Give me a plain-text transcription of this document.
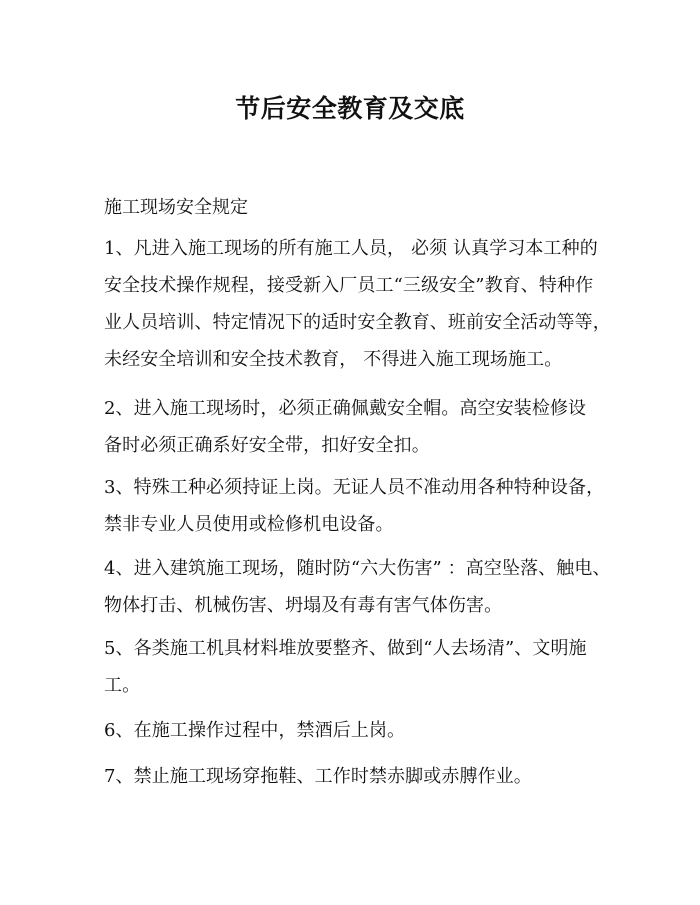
节后安全教育及交底
施工现场安全规定
1、凡进入施工现场的所有施工人员， 必须 认真学习本工种的
安全技术操作规程，接受新入厂员工“三级安全”教育、特种作
业人员培训、特定情况下的适时安全教育、班前安全活动等等，
未经安全培训和安全技术教育， 不得进入施工现场施工。
2、进入施工现场时，必须正确佩戴安全帽。高空安装检修设
备时必须正确系好安全带，扣好安全扣。
3、特殊工种必须持证上岗。无证人员不准动用各种特种设备，
禁非专业人员使用或检修机电设备。
4、进入建筑施工现场，随时防“六大伤害” ：高空坠落、触电、
物体打击、机械伤害、坍塌及有毒有害气体伤害。
5、各类施工机具材料堆放要整齐、做到“人去场清”、文明施
工。
6、在施工操作过程中，禁酒后上岗。
7、禁止施工现场穿拖鞋、工作时禁赤脚或赤膊作业。
